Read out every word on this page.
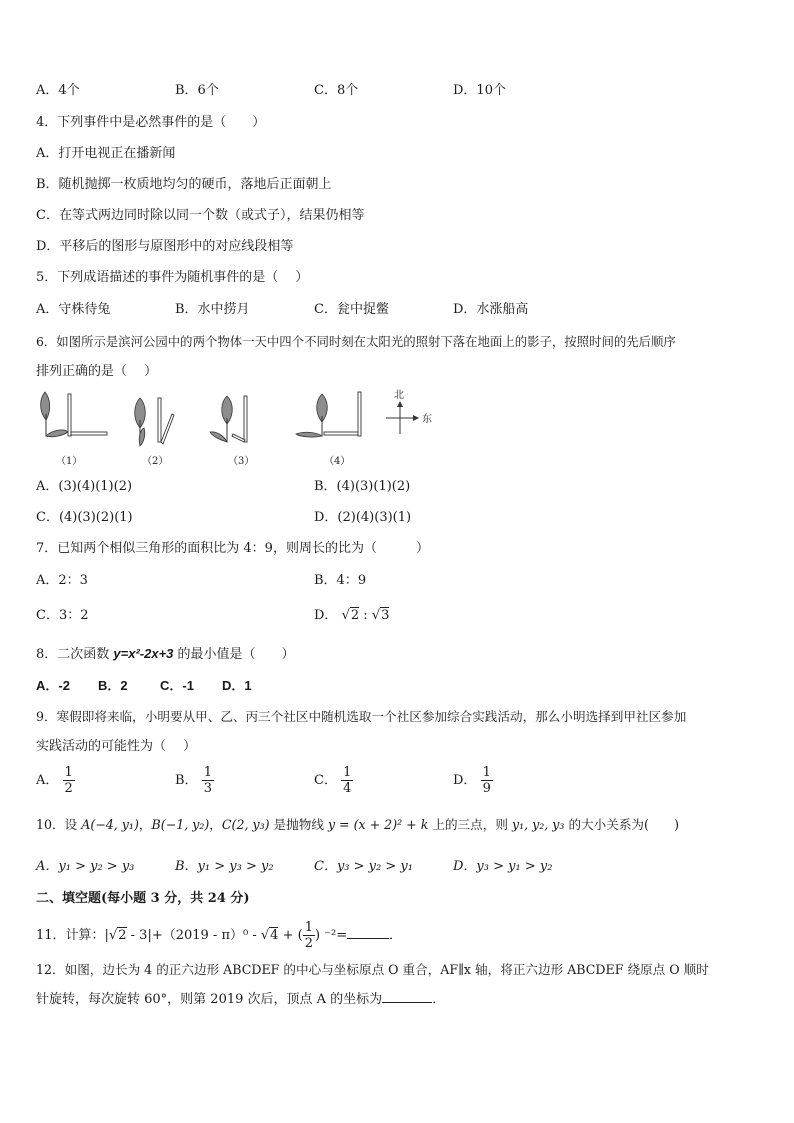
A．4个	B．6个	C．8个	D．10个
4．下列事件中是必然事件的是（　　）
A．打开电视正在播新闻
B．随机抛掷一枚质地均匀的硬币，落地后正面朝上
C．在等式两边同时除以同一个数（或式子），结果仍相等
D．平移后的图形与原图形中的对应线段相等
5．下列成语描述的事件为随机事件的是（　 ）
A．守株待兔	B．水中捞月	C．瓮中捉鳖	D．水涨船高
6．如图所示是滨河公园中的两个物体一天中四个不同时刻在太阳光的照射下落在地面上的影子，按照时间的先后顺序
排列正确的是（　 ）
（1）	（2）	（3）	（4）
北
东
A．(3)(4)(1)(2)	B．(4)(3)(1)(2)
C．(4)(3)(2)(1)	D．(2)(4)(3)(1)
7．已知两个相似三角形的面积比为 4：9，则周长的比为（　　　）
A．2：3	B．4：9
C．3：2	D． √2 : √3
8．二次函数 y=x²-2x+3 的最小值是（　　）
A．-2 B．2 C．-1 D．1
9．寒假即将来临，小明要从甲、乙、丙三个社区中随机选取一个社区参加综合实践活动，那么小明选择到甲社区参加
实践活动的可能性为（　 ）
A． $\frac{1}{2}$	B． $\frac{1}{3}$	C． $\frac{1}{4}$	D． $\frac{1}{9}$
10．设 A(−4, y₁)，B(−1, y₂)，C(2, y₃) 是抛物线 y = (x + 2)² + k 上的三点，则 y₁, y₂, y₃ 的大小关系为(　　)
A．y₁ > y₂ > y₃	B．y₁ > y₃ > y₂	C．y₃ > y₂ > y₁	D．y₃ > y₁ > y₂
二、填空题(每小题 3 分，共 24 分)
11．计算：|√2 - 3|+（2019 - π）⁰ - √4 + ( $\frac{1}{2}$ ) ⁻²=	．
12．如图，边长为 4 的正六边形 ABCDEF 的中心与坐标原点 O 重合，AF∥x 轴，将正六边形 ABCDEF 绕原点 O 顺时
针旋转，每次旋转 60°，则第 2019 次后，顶点 A 的坐标为	．
